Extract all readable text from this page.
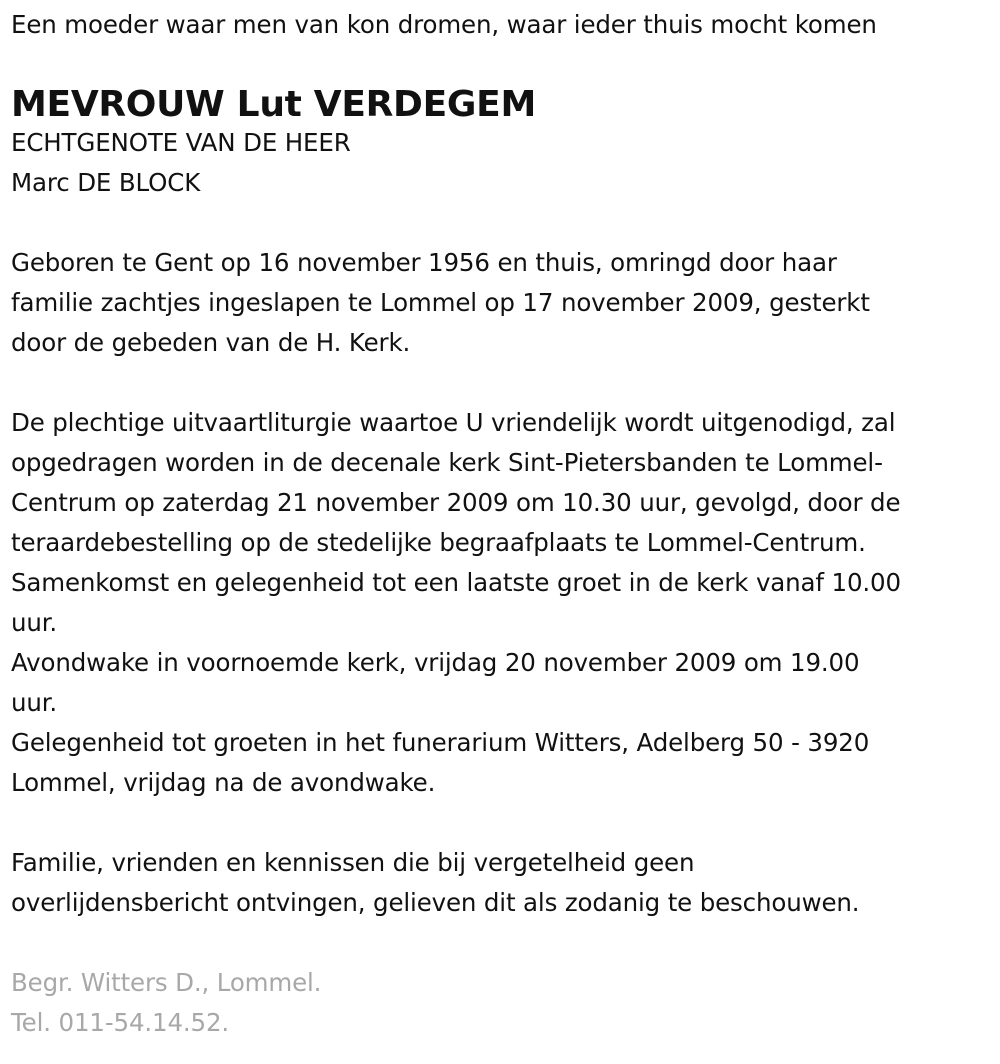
Een moeder waar men van kon dromen, waar ieder thuis mocht komen
MEVROUW Lut VERDEGEM
ECHTGENOTE VAN DE HEER
Marc DE BLOCK
Geboren te Gent op 16 november 1956 en thuis, omringd door haar
familie zachtjes ingeslapen te Lommel op 17 november 2009, gesterkt
door de gebeden van de H. Kerk.
De plechtige uitvaartliturgie waartoe U vriendelijk wordt uitgenodigd, zal
opgedragen worden in de decenale kerk Sint-Pietersbanden te Lommel-
Centrum op zaterdag 21 november 2009 om 10.30 uur, gevolgd, door de
teraardebestelling op de stedelijke begraafplaats te Lommel-Centrum.
Samenkomst en gelegenheid tot een laatste groet in de kerk vanaf 10.00
uur.
Avondwake in voornoemde kerk, vrijdag 20 november 2009 om 19.00
uur.
Gelegenheid tot groeten in het funerarium Witters, Adelberg 50 - 3920
Lommel, vrijdag na de avondwake.
Familie, vrienden en kennissen die bij vergetelheid geen
overlijdensbericht ontvingen, gelieven dit als zodanig te beschouwen.
Begr. Witters D., Lommel.
Tel. 011-54.14.52.
